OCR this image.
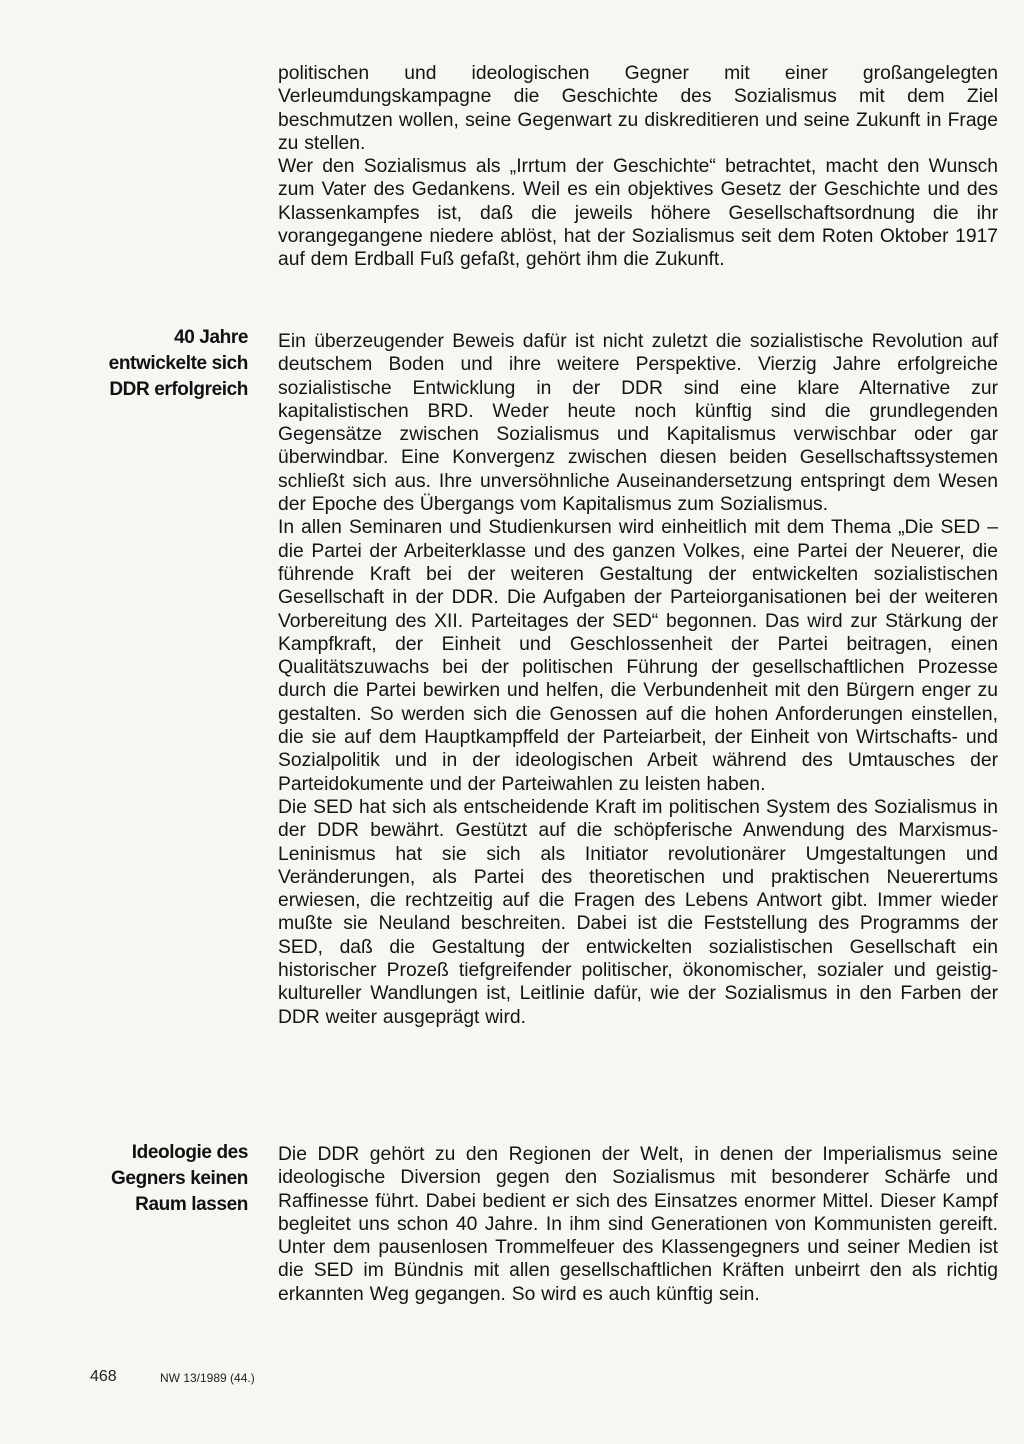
politischen und ideologischen Gegner mit einer großangelegten Verleumdungskampagne die Geschichte des Sozialismus mit dem Ziel beschmutzen wollen, seine Gegenwart zu diskreditieren und seine Zukunft in Frage zu stellen.

Wer den Sozialismus als „Irrtum der Geschichte“ betrachtet, macht den Wunsch zum Vater des Gedankens. Weil es ein objektives Gesetz der Geschichte und des Klassenkampfes ist, daß die jeweils höhere Gesellschaftsordnung die ihr vorangegangene niedere ablöst, hat der Sozialismus seit dem Roten Oktober 1917 auf dem Erdball Fuß gefaßt, gehört ihm die Zukunft.

40 Jahre
entwickelte sich
DDR erfolgreich

Ein überzeugender Beweis dafür ist nicht zuletzt die sozialistische Revolution auf deutschem Boden und ihre weitere Perspektive. Vierzig Jahre erfolgreiche sozialistische Entwicklung in der DDR sind eine klare Alternative zur kapitalistischen BRD. Weder heute noch künftig sind die grundlegenden Gegensätze zwischen Sozialismus und Kapitalismus verwischbar oder gar überwindbar. Eine Konvergenz zwischen diesen beiden Gesellschaftssystemen schließt sich aus. Ihre unversöhnliche Auseinandersetzung entspringt dem Wesen der Epoche des Übergangs vom Kapitalismus zum Sozialismus.

In allen Seminaren und Studienkursen wird einheitlich mit dem Thema „Die SED – die Partei der Arbeiterklasse und des ganzen Volkes, eine Partei der Neuerer, die führende Kraft bei der weiteren Gestaltung der entwickelten sozialistischen Gesellschaft in der DDR. Die Aufgaben der Parteiorganisationen bei der weiteren Vorbereitung des XII. Parteitages der SED“ begonnen. Das wird zur Stärkung der Kampfkraft, der Einheit und Geschlossenheit der Partei beitragen, einen Qualitätszuwachs bei der politischen Führung der gesellschaftlichen Prozesse durch die Partei bewirken und helfen, die Verbundenheit mit den Bürgern enger zu gestalten. So werden sich die Genossen auf die hohen Anforderungen einstellen, die sie auf dem Hauptkampffeld der Parteiarbeit, der Einheit von Wirtschafts- und Sozialpolitik und in der ideologischen Arbeit während des Umtausches der Parteidokumente und der Parteiwahlen zu leisten haben.

Die SED hat sich als entscheidende Kraft im politischen System des Sozialismus in der DDR bewährt. Gestützt auf die schöpferische Anwendung des Marxismus-Leninismus hat sie sich als Initiator revolutionärer Umgestaltungen und Veränderungen, als Partei des theoretischen und praktischen Neuerertums erwiesen, die rechtzeitig auf die Fragen des Lebens Antwort gibt. Immer wieder mußte sie Neuland beschreiten. Dabei ist die Feststellung des Programms der SED, daß die Gestaltung der entwickelten sozialistischen Gesellschaft ein historischer Prozeß tiefgreifender politischer, ökonomischer, sozialer und geistig-kultureller Wandlungen ist, Leitlinie dafür, wie der Sozialismus in den Farben der DDR weiter ausgeprägt wird.

Ideologie des
Gegners keinen
Raum lassen

Die DDR gehört zu den Regionen der Welt, in denen der Imperialismus seine ideologische Diversion gegen den Sozialismus mit besonderer Schärfe und Raffinesse führt. Dabei bedient er sich des Einsatzes enormer Mittel. Dieser Kampf begleitet uns schon 40 Jahre. In ihm sind Generationen von Kommunisten gereift. Unter dem pausenlosen Trommelfeuer des Klassengegners und seiner Medien ist die SED im Bündnis mit allen gesellschaftlichen Kräften unbeirrt den als richtig erkannten Weg gegangen. So wird es auch künftig sein.

468	NW 13/1989 (44.)
